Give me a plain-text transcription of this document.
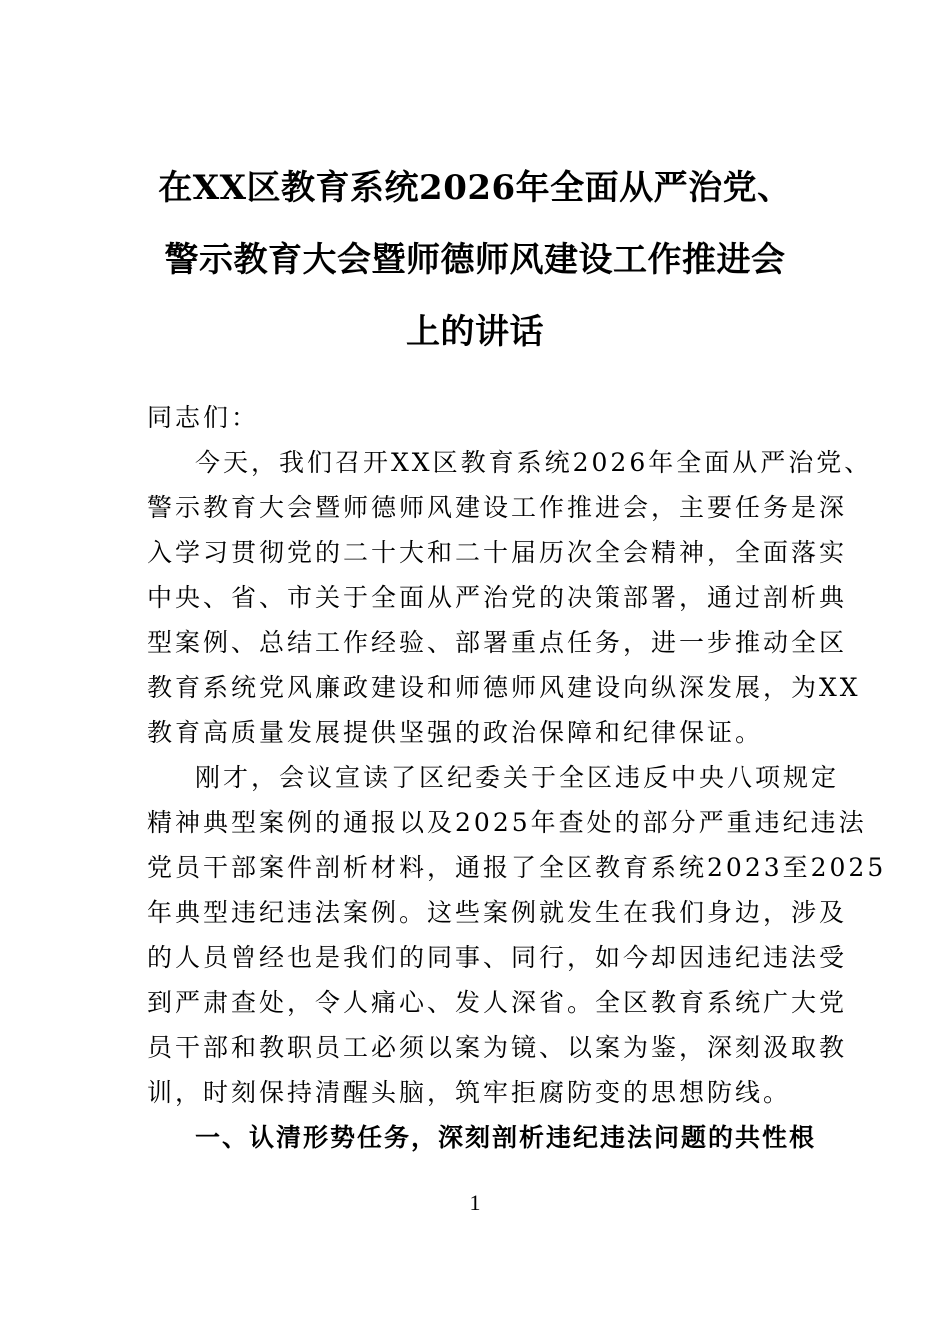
在XX区教育系统2026年全面从严治党、
警示教育大会暨师德师风建设工作推进会
上的讲话
同志们：
今天，我们召开XX区教育系统2026年全面从严治党、
警示教育大会暨师德师风建设工作推进会，主要任务是深
入学习贯彻党的二十大和二十届历次全会精神，全面落实
中央、省、市关于全面从严治党的决策部署，通过剖析典
型案例、总结工作经验、部署重点任务，进一步推动全区
教育系统党风廉政建设和师德师风建设向纵深发展，为XX
教育高质量发展提供坚强的政治保障和纪律保证。
刚才，会议宣读了区纪委关于全区违反中央八项规定
精神典型案例的通报以及2025年查处的部分严重违纪违法
党员干部案件剖析材料，通报了全区教育系统2023至2025
年典型违纪违法案例。这些案例就发生在我们身边，涉及
的人员曾经也是我们的同事、同行，如今却因违纪违法受
到严肃查处，令人痛心、发人深省。全区教育系统广大党
员干部和教职员工必须以案为镜、以案为鉴，深刻汲取教
训，时刻保持清醒头脑，筑牢拒腐防变的思想防线。
一、认清形势任务，深刻剖析违纪违法问题的共性根
1
